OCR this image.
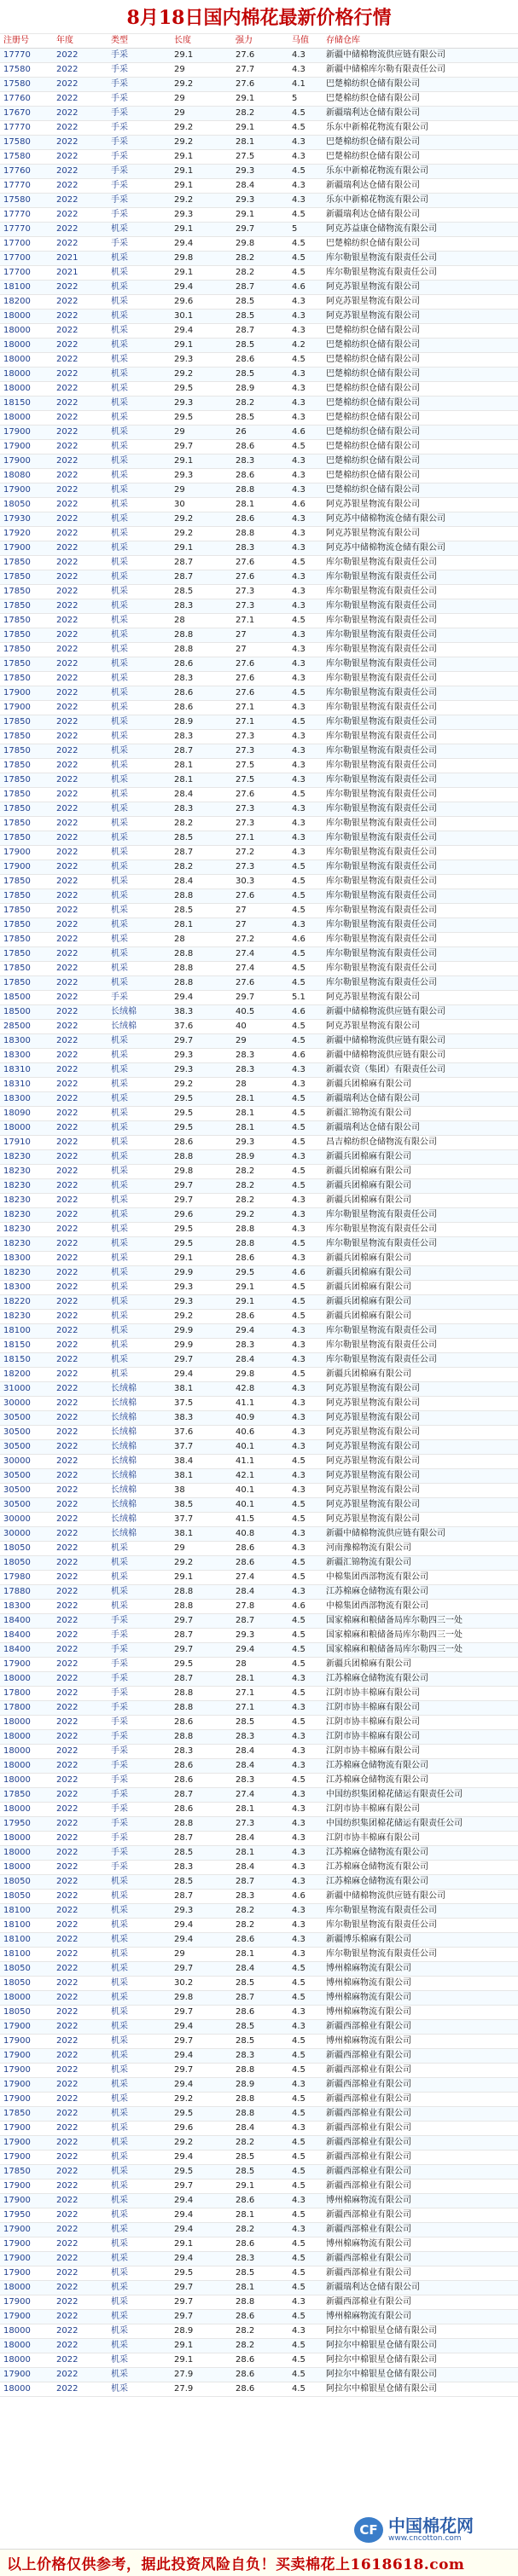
8月18日国内棉花最新价格行情
注册号	年度	类型	长度	强力	马值	存储仓库
17770	2022	手采	29.1	27.6	4.3	新疆中储棉物流供应链有限公司
17580	2022	手采	29	27.7	4.3	新疆中储棉库尔勒有限责任公司
17580	2022	手采	29.2	27.6	4.1	巴楚棉纺织仓储有限公司
17760	2022	手采	29	29.1	5	巴楚棉纺织仓储有限公司
17670	2022	手采	29	28.2	4.5	新疆瑞利达仓储有限公司
17770	2022	手采	29.2	29.1	4.5	乐东中新棉花物流有限公司
17580	2022	手采	29.2	28.1	4.3	巴楚棉纺织仓储有限公司
17580	2022	手采	29.1	27.5	4.3	巴楚棉纺织仓储有限公司
17760	2022	手采	29.1	29.3	4.5	乐东中新棉花物流有限公司
17770	2022	手采	29.1	28.4	4.3	新疆瑞利达仓储有限公司
17580	2022	手采	29.2	29.3	4.3	乐东中新棉花物流有限公司
17770	2022	手采	29.3	29.1	4.5	新疆瑞利达仓储有限公司
17770	2022	机采	29.1	29.7	5	阿克苏益康仓储物流有限公司
17700	2022	手采	29.4	29.8	4.5	巴楚棉纺织仓储有限公司
17700	2021	机采	29.8	28.2	4.5	库尔勒银星物流有限责任公司
17700	2021	机采	29.1	28.2	4.5	库尔勒银星物流有限责任公司
18100	2022	机采	29.4	28.7	4.6	阿克苏银星物流有限公司
18200	2022	机采	29.6	28.5	4.3	阿克苏银星物流有限公司
18000	2022	机采	30.1	28.5	4.3	阿克苏银星物流有限公司
18000	2022	机采	29.4	28.7	4.3	巴楚棉纺织仓储有限公司
18000	2022	机采	29.1	28.5	4.2	巴楚棉纺织仓储有限公司
18000	2022	机采	29.3	28.6	4.5	巴楚棉纺织仓储有限公司
18000	2022	机采	29.2	28.5	4.3	巴楚棉纺织仓储有限公司
18000	2022	机采	29.5	28.9	4.3	巴楚棉纺织仓储有限公司
18150	2022	机采	29.3	28.2	4.3	巴楚棉纺织仓储有限公司
18000	2022	机采	29.5	28.5	4.3	巴楚棉纺织仓储有限公司
17900	2022	机采	29	26	4.6	巴楚棉纺织仓储有限公司
17900	2022	机采	29.7	28.6	4.5	巴楚棉纺织仓储有限公司
17900	2022	机采	29.1	28.3	4.3	巴楚棉纺织仓储有限公司
18080	2022	机采	29.3	28.6	4.3	巴楚棉纺织仓储有限公司
17900	2022	机采	29	28.8	4.3	巴楚棉纺织仓储有限公司
18050	2022	机采	30	28.1	4.6	阿克苏银星物流有限公司
17930	2022	机采	29.2	28.6	4.3	阿克苏中储棉物流仓储有限公司
17920	2022	机采	29.2	28.8	4.3	阿克苏银星物流有限公司
17900	2022	机采	29.1	28.3	4.3	阿克苏中储棉物流仓储有限公司
17850	2022	机采	28.7	27.6	4.5	库尔勒银星物流有限责任公司
17850	2022	机采	28.7	27.6	4.3	库尔勒银星物流有限责任公司
17850	2022	机采	28.5	27.3	4.3	库尔勒银星物流有限责任公司
17850	2022	机采	28.3	27.3	4.3	库尔勒银星物流有限责任公司
17850	2022	机采	28	27.1	4.5	库尔勒银星物流有限责任公司
17850	2022	机采	28.8	27	4.3	库尔勒银星物流有限责任公司
17850	2022	机采	28.8	27	4.3	库尔勒银星物流有限责任公司
17850	2022	机采	28.6	27.6	4.3	库尔勒银星物流有限责任公司
17850	2022	机采	28.3	27.6	4.3	库尔勒银星物流有限责任公司
17900	2022	机采	28.6	27.6	4.5	库尔勒银星物流有限责任公司
17900	2022	机采	28.6	27.1	4.3	库尔勒银星物流有限责任公司
17850	2022	机采	28.9	27.1	4.5	库尔勒银星物流有限责任公司
17850	2022	机采	28.3	27.3	4.3	库尔勒银星物流有限责任公司
17850	2022	机采	28.7	27.3	4.3	库尔勒银星物流有限责任公司
17850	2022	机采	28.1	27.5	4.3	库尔勒银星物流有限责任公司
17850	2022	机采	28.1	27.5	4.3	库尔勒银星物流有限责任公司
17850	2022	机采	28.4	27.6	4.5	库尔勒银星物流有限责任公司
17850	2022	机采	28.3	27.3	4.3	库尔勒银星物流有限责任公司
17850	2022	机采	28.2	27.3	4.3	库尔勒银星物流有限责任公司
17850	2022	机采	28.5	27.1	4.3	库尔勒银星物流有限责任公司
17900	2022	机采	28.7	27.2	4.3	库尔勒银星物流有限责任公司
17900	2022	机采	28.2	27.3	4.5	库尔勒银星物流有限责任公司
17850	2022	机采	28.4	30.3	4.5	库尔勒银星物流有限责任公司
17850	2022	机采	28.8	27.6	4.5	库尔勒银星物流有限责任公司
17850	2022	机采	28.5	27	4.5	库尔勒银星物流有限责任公司
17850	2022	机采	28.1	27	4.3	库尔勒银星物流有限责任公司
17850	2022	机采	28	27.2	4.6	库尔勒银星物流有限责任公司
17850	2022	机采	28.8	27.4	4.5	库尔勒银星物流有限责任公司
17850	2022	机采	28.8	27.4	4.5	库尔勒银星物流有限责任公司
17850	2022	机采	28.8	27.6	4.5	库尔勒银星物流有限责任公司
18500	2022	手采	29.4	29.7	5.1	阿克苏银星物流有限公司
18500	2022	长绒棉	38.3	40.5	4.6	新疆中储棉物流供应链有限公司
28500	2022	长绒棉	37.6	40	4.5	阿克苏银星物流有限公司
18300	2022	机采	29.7	29	4.5	新疆中储棉物流供应链有限公司
18300	2022	机采	29.3	28.3	4.6	新疆中储棉物流供应链有限公司
18310	2022	机采	29.3	28.3	4.3	新疆农资（集团）有限责任公司
18310	2022	机采	29.2	28	4.3	新疆兵团棉麻有限公司
18300	2022	机采	29.5	28.1	4.5	新疆瑞利达仓储有限公司
18090	2022	机采	29.5	28.1	4.5	新疆汇锦物流有限公司
18000	2022	机采	29.5	28.1	4.5	新疆瑞利达仓储有限公司
17910	2022	机采	28.6	29.3	4.5	昌吉棉纺织仓储物流有限公司
18230	2022	机采	28.8	28.9	4.3	新疆兵团棉麻有限公司
18230	2022	机采	29.8	28.2	4.5	新疆兵团棉麻有限公司
18230	2022	机采	29.7	28.2	4.5	新疆兵团棉麻有限公司
18230	2022	机采	29.7	28.2	4.3	新疆兵团棉麻有限公司
18230	2022	机采	29.6	29.2	4.3	库尔勒银星物流有限责任公司
18230	2022	机采	29.5	28.8	4.3	库尔勒银星物流有限责任公司
18230	2022	机采	29.5	28.8	4.5	库尔勒银星物流有限责任公司
18300	2022	机采	29.1	28.6	4.3	新疆兵团棉麻有限公司
18230	2022	机采	29.9	29.5	4.6	新疆兵团棉麻有限公司
18300	2022	机采	29.3	29.1	4.5	新疆兵团棉麻有限公司
18220	2022	机采	29.3	29.1	4.5	新疆兵团棉麻有限公司
18230	2022	机采	29.2	28.6	4.5	新疆兵团棉麻有限公司
18100	2022	机采	29.9	29.4	4.3	库尔勒银星物流有限责任公司
18150	2022	机采	29.9	28.3	4.3	库尔勒银星物流有限责任公司
18150	2022	机采	29.7	28.4	4.3	库尔勒银星物流有限责任公司
18200	2022	机采	29.4	29.8	4.5	新疆兵团棉麻有限公司
31000	2022	长绒棉	38.1	42.8	4.3	阿克苏银星物流有限公司
30000	2022	长绒棉	37.5	41.1	4.3	阿克苏银星物流有限公司
30500	2022	长绒棉	38.3	40.9	4.3	阿克苏银星物流有限公司
30500	2022	长绒棉	37.6	40.6	4.3	阿克苏银星物流有限公司
30500	2022	长绒棉	37.7	40.1	4.3	阿克苏银星物流有限公司
30000	2022	长绒棉	38.4	41.1	4.5	阿克苏银星物流有限公司
30500	2022	长绒棉	38.1	42.1	4.3	阿克苏银星物流有限公司
30500	2022	长绒棉	38	40.1	4.3	阿克苏银星物流有限公司
30500	2022	长绒棉	38.5	40.1	4.5	阿克苏银星物流有限公司
30000	2022	长绒棉	37.7	41.5	4.5	阿克苏银星物流有限公司
30000	2022	长绒棉	38.1	40.8	4.3	新疆中储棉物流供应链有限公司
18050	2022	机采	29	28.6	4.3	河南豫棉物流有限公司
18050	2022	机采	29.2	28.6	4.5	新疆汇锦物流有限公司
17980	2022	机采	29.1	27.4	4.5	中棉集团西部物流有限公司
17880	2022	机采	28.8	28.4	4.3	江苏棉麻仓储物流有限公司
18300	2022	机采	28.8	27.8	4.6	中棉集团西部物流有限公司
18400	2022	手采	29.7	28.7	4.5	国家棉麻和粮储备局库尔勒四三一处
18400	2022	手采	28.7	29.3	4.5	国家棉麻和粮储备局库尔勒四三一处
18400	2022	手采	29.7	29.4	4.5	国家棉麻和粮储备局库尔勒四三一处
17900	2022	手采	29.5	28	4.5	新疆兵团棉麻有限公司
18000	2022	手采	28.7	28.1	4.3	江苏棉麻仓储物流有限公司
17800	2022	手采	28.8	27.1	4.5	江阴市协丰棉麻有限公司
17800	2022	手采	28.8	27.1	4.3	江阴市协丰棉麻有限公司
18000	2022	手采	28.6	28.5	4.5	江阴市协丰棉麻有限公司
18000	2022	手采	28.8	28.3	4.3	江阴市协丰棉麻有限公司
18000	2022	手采	28.3	28.4	4.3	江阴市协丰棉麻有限公司
18000	2022	手采	28.6	28.4	4.3	江苏棉麻仓储物流有限公司
18000	2022	手采	28.6	28.3	4.5	江苏棉麻仓储物流有限公司
17850	2022	手采	28.7	27.4	4.3	中国纺织集团棉花储运有限责任公司
18000	2022	手采	28.6	28.1	4.3	江阴市协丰棉麻有限公司
17950	2022	手采	28.8	27.3	4.3	中国纺织集团棉花储运有限责任公司
18000	2022	手采	28.7	28.4	4.3	江阴市协丰棉麻有限公司
18000	2022	手采	28.5	28.1	4.3	江苏棉麻仓储物流有限公司
18000	2022	手采	28.3	28.4	4.3	江苏棉麻仓储物流有限公司
18050	2022	机采	28.5	28.7	4.3	江苏棉麻仓储物流有限公司
18050	2022	机采	28.7	28.3	4.6	新疆中储棉物流供应链有限公司
18100	2022	机采	29.3	28.2	4.3	库尔勒银星物流有限责任公司
18100	2022	机采	29.4	28.2	4.3	库尔勒银星物流有限责任公司
18100	2022	机采	29.4	28.6	4.3	新疆博乐棉麻有限公司
18100	2022	机采	29	28.1	4.3	库尔勒银星物流有限责任公司
18050	2022	机采	29.7	28.4	4.5	博州棉麻物流有限公司
18050	2022	机采	30.2	28.5	4.5	博州棉麻物流有限公司
18000	2022	机采	29.8	28.7	4.5	博州棉麻物流有限公司
18050	2022	机采	29.7	28.6	4.3	博州棉麻物流有限公司
17900	2022	机采	29.4	28.5	4.3	新疆西部棉业有限公司
17900	2022	机采	29.7	28.5	4.5	博州棉麻物流有限公司
17900	2022	机采	29.4	28.3	4.5	新疆西部棉业有限公司
17900	2022	机采	29.7	28.8	4.5	新疆西部棉业有限公司
17900	2022	机采	29.4	28.9	4.3	新疆西部棉业有限公司
17900	2022	机采	29.2	28.8	4.5	新疆西部棉业有限公司
17850	2022	机采	29.5	28.8	4.5	新疆西部棉业有限公司
17900	2022	机采	29.6	28.4	4.3	新疆西部棉业有限公司
17900	2022	机采	29.2	28.2	4.5	新疆西部棉业有限公司
17900	2022	机采	29.4	28.5	4.5	新疆西部棉业有限公司
17850	2022	机采	29.5	28.5	4.5	新疆西部棉业有限公司
17900	2022	机采	29.7	29.1	4.5	新疆西部棉业有限公司
17900	2022	机采	29.4	28.6	4.3	博州棉麻物流有限公司
17950	2022	机采	29.4	28.1	4.5	新疆西部棉业有限公司
17900	2022	机采	29.4	28.2	4.3	新疆西部棉业有限公司
17900	2022	机采	29.1	28.6	4.5	博州棉麻物流有限公司
17900	2022	机采	29.4	28.3	4.5	新疆西部棉业有限公司
17900	2022	机采	29.5	28.5	4.5	新疆西部棉业有限公司
18000	2022	机采	29.7	28.1	4.5	新疆瑞利达仓储有限公司
17900	2022	机采	29.7	28.8	4.3	新疆西部棉业有限公司
17900	2022	机采	29.7	28.6	4.5	博州棉麻物流有限公司
18000	2022	机采	28.9	28.2	4.3	阿拉尔中棉银星仓储有限公司
18000	2022	机采	29.1	28.2	4.5	阿拉尔中棉银星仓储有限公司
18000	2022	机采	29.1	28.6	4.5	阿拉尔中棉银星仓储有限公司
17900	2022	机采	27.9	28.6	4.5	阿拉尔中棉银星仓储有限公司
18000	2022	机采	27.9	28.6	4.5	阿拉尔中棉银星仓储有限公司
CF 中国棉花网
www.cncotton.com
以上价格仅供参考，据此投资风险自负！买卖棉花上1618618.com
